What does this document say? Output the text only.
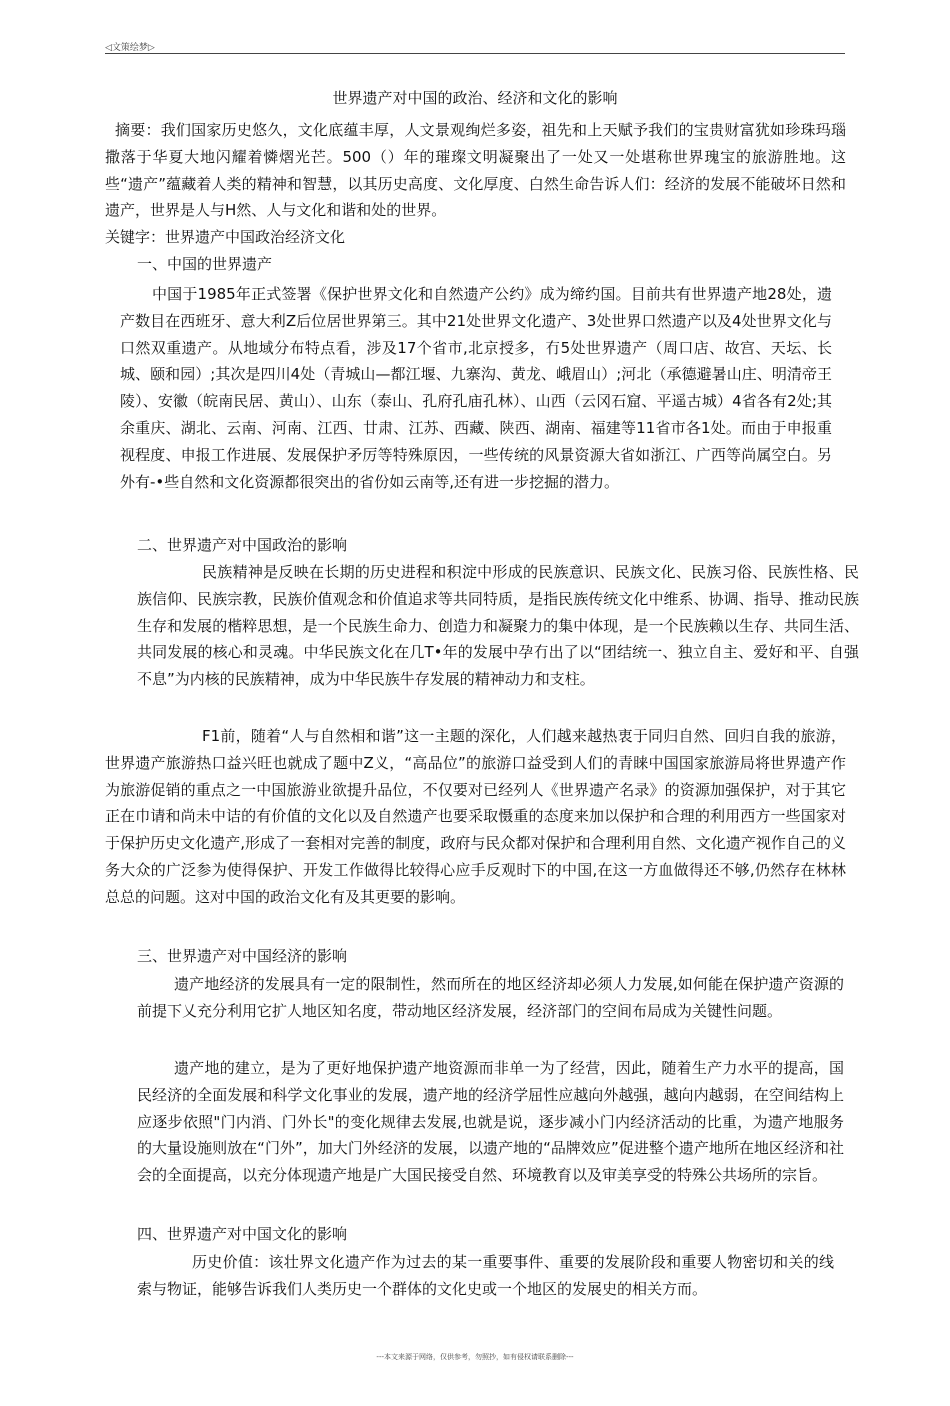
◁文策绘梦▷
世界遗产对中国的政治、经济和文化的影响

摘要：我们国家历史悠久，文化底蕴丰厚，人文景观绚烂多姿，祖先和上天赋予我们的宝贵财富犹如珍珠玛瑙撒落于华夏大地闪耀着憐熠光芒。500（）年的璀璨文明凝聚出了一处又一处堪称世界瑰宝的旅游胜地。这些“遗产”蕴藏着人类的精神和智慧，以其历史高度、文化厚度、白然生命告诉人们：经济的发展不能破坏日然和遗产，世界是人与H然、人与文化和谐和处的世界。

关键字：世界遗产中国政治经济文化

一、中国的世界遗产

中国于1985年正式签署《保护世界文化和自然遗产公约》成为缔约国。目前共有世界遗产地28处，遗产数目在西班牙、意大利Z后位居世界第三。其中21处世界文化遗产、3处世界口然遗产以及4处世界文化与口然双重遗产。从地域分布特点看，涉及17个省市,北京授多，冇5处世界遗产（周口店、故宫、天坛、长城、颐和园）;其次是四川4处（青城山—都江堰、九寨沟、黄龙、峨眉山）;河北（承德避暑山庄、明清帝王陵）、安徽（皖南民居、黄山）、山东（泰山、孔府孔庙孔林）、山西（云冈石窟、平遥古城）4省各有2处;其余重庆、湖北、云南、河南、江西、廿肃、江苏、西藏、陕西、湖南、福建等11省市各1处。而由于申报重视程度、申报工作进展、发展保护矛厉等特殊原因，一些传统的风景资源大省如浙江、广西等尚属空白。另外有-•些自然和文化资源都很突出的省份如云南等,还有进一步挖掘的潜力。

二、世界遗产对中国政治的影响

民族精神是反映在长期的历史进程和积淀中形成的民族意识、民族文化、民族习俗、民族性格、民族信仰、民族宗教，民族价值观念和价值追求等共同特质，是指民族传统文化中维系、协调、指导、推动民族生存和发展的楷粹思想，是一个民族生命力、创造力和凝聚力的集中体现，是一个民族赖以生存、共同生活、共同发展的核心和灵魂。中华民族文化在几T•年的发展中孕冇出了以“团结统一、独立自主、爱好和平、自强不息”为内核的民族精神，成为中华民族牛存发展的精神动力和支柱。

F1前，随着“人与自然相和谐”这一主题的深化，人们越来越热衷于同归自然、回归自我的旅游，世界遗产旅游热口益兴旺也就成了题中Z义，“高品位”的旅游口益受到人们的青睐中国国家旅游局将世界遗产作为旅游促销的重点之一中国旅游业欲提升品位，不仅要对已经列人《世界遗产名录》的资源加强保护，对于其它正在巾请和尚未中诘的有价值的文化以及自然遗产也要采取慑重的态度来加以保护和合理的利用西方一些国家对于保护历史文化遗产,形成了一套相对完善的制度，政府与民众都对保护和合理利用自然、文化遗产视作自己的义务大众的广泛参为使得保护、开发工作做得比较得心应手反观时下的中国,在这一方血做得还不够,仍然存在林林总总的问题。这对中国的政治文化有及其更要的影响。

三、世界遗产对中国经济的影响

遗产地经济的发展具有一定的限制性，然而所在的地区经济却必须人力发展,如何能在保护遗产资源的前提下乂充分利用它扩人地区知名度，带动地区经济发展，经济部门的空间布局成为关键性问题。

遗产地的建立，是为了更好地保护遗产地资源而非单一为了经营，因此，随着生产力水平的提高，国民经济的全面发展和科学文化事业的发展，遗产地的经济学屈性应越向外越强，越向内越弱，在空间结构上应逐步依照"门内消、门外长"的变化规律去发展,也就是说，逐步减小门内经济活动的比重，为遗产地服务的大量设施则放在“门外”，加大门外经济的发展，以遗产地的“品牌效应”促进整个遗产地所在地区经济和社会的全面提高，以充分体现遗产地是广大国民接受自然、环境教育以及审美享受的特殊公共场所的宗旨。

四、世界遗产对中国文化的影响

历史价值：该壮界文化遗产作为过去的某一重要事件、重要的发展阶段和重要人物密切和关的线索与物证，能够告诉我们人类历史一个群体的文化史或一个地区的发展史的相关方而。

---本文来源于网络，仅供参考，勿照抄，如有侵权请联系删除---
